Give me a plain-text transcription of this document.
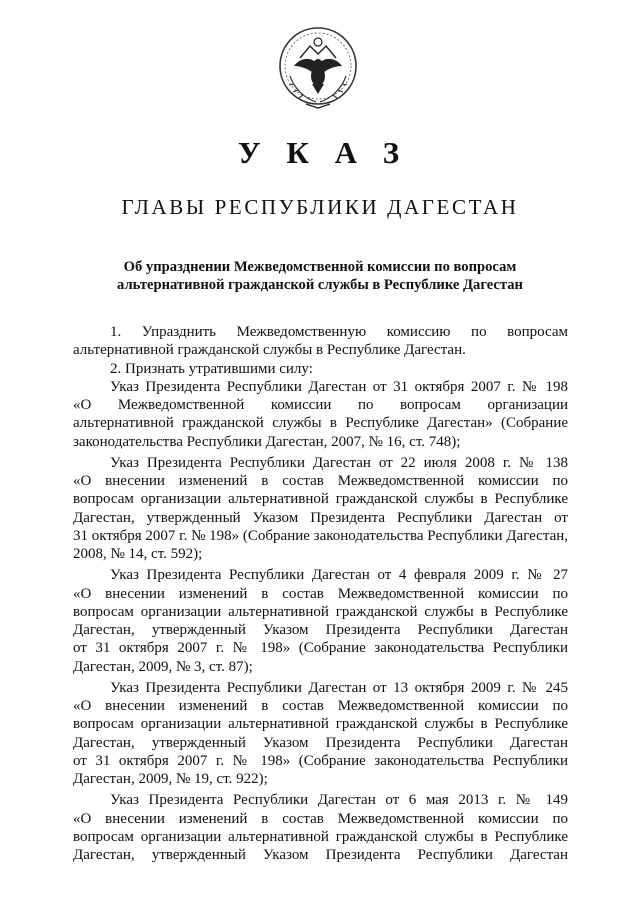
У К А З
ГЛАВЫ РЕСПУБЛИКИ ДАГЕСТАН
Об упразднении Межведомственной комиссии по вопросам
альтернативной гражданской службы в Республике Дагестан
1. Упразднить Межведомственную комиссию по вопросам
альтернативной гражданской службы в Республике Дагестан.
2. Признать утратившими силу:
Указ Президента Республики Дагестан от 31 октября 2007 г. № 198
«О Межведомственной комиссии по вопросам организации
альтернативной гражданской службы в Республике Дагестан» (Собрание
законодательства Республики Дагестан, 2007, № 16, ст. 748);
Указ Президента Республики Дагестан от 22 июля 2008 г. № 138
«О внесении изменений в состав Межведомственной комиссии по
вопросам организации альтернативной гражданской службы в Республике
Дагестан, утвержденный Указом Президента Республики Дагестан от
31 октября 2007 г. № 198» (Собрание законодательства Республики Дагестан,
2008, № 14, ст. 592);
Указ Президента Республики Дагестан от 4 февраля 2009 г. № 27
«О внесении изменений в состав Межведомственной комиссии по
вопросам организации альтернативной гражданской службы в Республике
Дагестан, утвержденный Указом Президента Республики Дагестан
от 31 октября 2007 г. № 198» (Собрание законодательства Республики
Дагестан, 2009, № 3, ст. 87);
Указ Президента Республики Дагестан от 13 октября 2009 г. № 245
«О внесении изменений в состав Межведомственной комиссии по
вопросам организации альтернативной гражданской службы в Республике
Дагестан, утвержденный Указом Президента Республики Дагестан
от 31 октября 2007 г. № 198» (Собрание законодательства Республики
Дагестан, 2009, № 19, ст. 922);
Указ Президента Республики Дагестан от 6 мая 2013 г. № 149
«О внесении изменений в состав Межведомственной комиссии по
вопросам организации альтернативной гражданской службы в Республике
Дагестан, утвержденный Указом Президента Республики Дагестан
